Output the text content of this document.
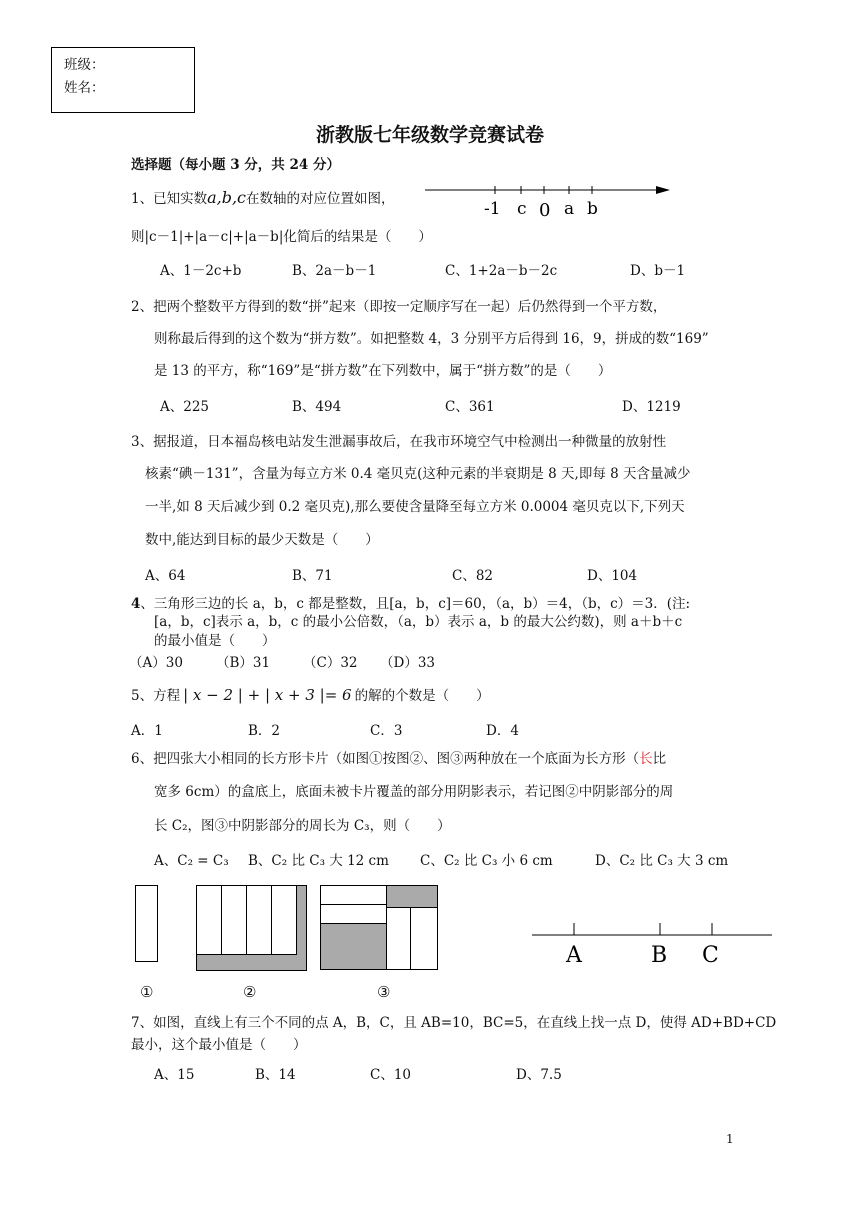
班级：
姓名：
浙教版七年级数学竞赛试卷
选择题（每小题 3 分，共 24 分）
1、已知实数a,b,c在数轴的对应位置如图，	-1 c 0 a b
则|c－1|+|a－c|+|a－b|化简后的结果是（　　）
A、1－2c+b	B、2a－b－1	C、1+2a－b－2c	D、b－1
2、把两个整数平方得到的数“拼”起来（即按一定顺序写在一起）后仍然得到一个平方数，
则称最后得到的这个数为“拼方数”。如把整数 4，3 分别平方后得到 16，9，拼成的数“169”
是 13 的平方，称“169”是“拼方数”在下列数中，属于“拼方数”的是（　　）
A、225	B、494	C、361	D、1219
3、据报道，日本福岛核电站发生泄漏事故后，在我市环境空气中检测出一种微量的放射性
核素“碘－131”，含量为每立方米 0.4 毫贝克(这种元素的半衰期是 8 天,即每 8 天含量减少
一半,如 8 天后减少到 0.2 毫贝克),那么要使含量降至每立方米 0.0004 毫贝克以下,下列天
数中,能达到目标的最少天数是（　　）
A、64	B、71	C、82	D、104
4、三角形三边的长 a，b，c 都是整数，且[a，b，c]＝60，（a，b）＝4，（b，c）＝3．(注:
[a，b，c]表示 a，b，c 的最小公倍数，（a，b）表示 a，b 的最大公约数)，则 a＋b＋c
的最小值是（　　）
（A）30 （B）31 （C）32 （D）33
5、方程 | x − 2 | + | x + 3 |= 6 的解的个数是（　　）
A．1	B．2	C．3	D．4
6、把四张大小相同的长方形卡片（如图①按图②、图③两种放在一个底面为长方形（长比
宽多 6cm）的盒底上，底面未被卡片覆盖的部分用阴影表示，若记图②中阴影部分的周
长 C₂，图③中阴影部分的周长为 C₃，则（　　）
A、C₂ = C₃ B、C₂ 比 C₃ 大 12 cm C、C₂ 比 C₃ 小 6 cm	D、C₂ 比 C₃ 大 3 cm
①	②	③
A	B C
7、如图，直线上有三个不同的点 A，B，C，且 AB=10，BC=5，在直线上找一点 D，使得 AD+BD+CD
最小，这个最小值是（　　）
A、15	B、14	C、10	D、7.5
1
